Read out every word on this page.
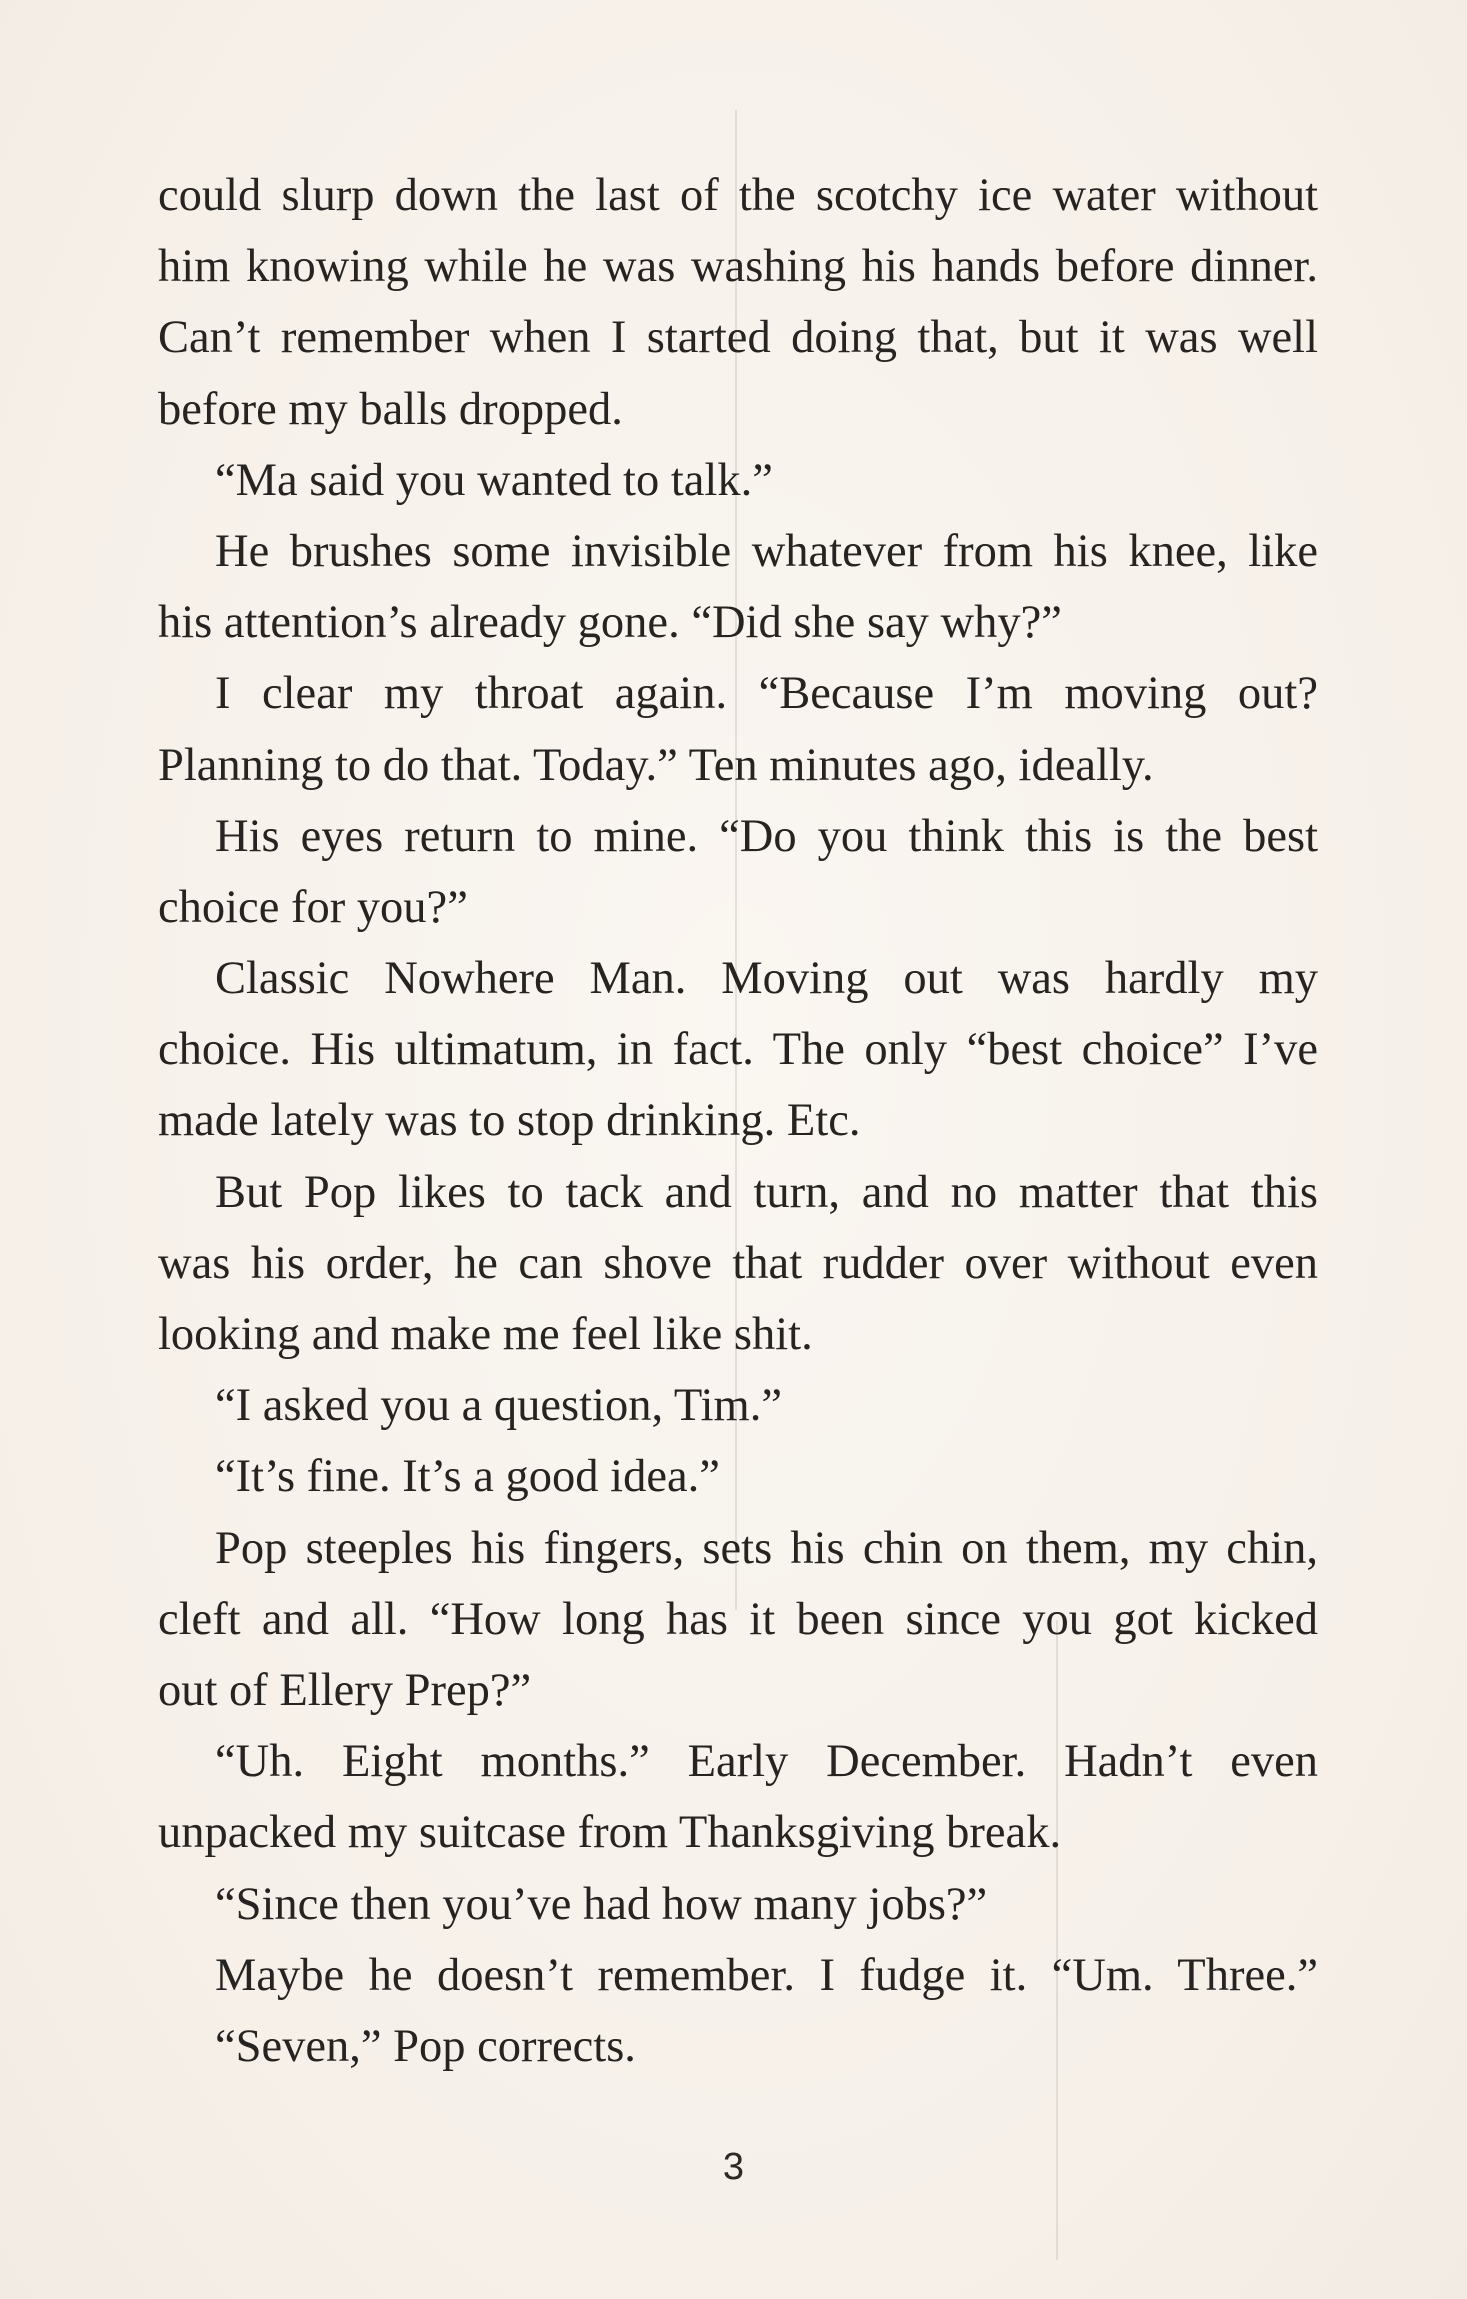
could slurp down the last of the scotchy ice water without
him knowing while he was washing his hands before dinner.
Can’t remember when I started doing that, but it was well
before my balls dropped.
“Ma said you wanted to talk.”
He brushes some invisible whatever from his knee, like
his attention’s already gone. “Did she say why?”
I clear my throat again. “Because I’m moving out?
Planning to do that. Today.” Ten minutes ago, ideally.
His eyes return to mine. “Do you think this is the best
choice for you?”
Classic Nowhere Man. Moving out was hardly my
choice. His ultimatum, in fact. The only “best choice” I’ve
made lately was to stop drinking. Etc.
But Pop likes to tack and turn, and no matter that this
was his order, he can shove that rudder over without even
looking and make me feel like shit.
“I asked you a question, Tim.”
“It’s fine. It’s a good idea.”
Pop steeples his fingers, sets his chin on them, my chin,
cleft and all. “How long has it been since you got kicked
out of Ellery Prep?”
“Uh. Eight months.” Early December. Hadn’t even
unpacked my suitcase from Thanksgiving break.
“Since then you’ve had how many jobs?”
Maybe he doesn’t remember. I fudge it. “Um. Three.”
“Seven,” Pop corrects.
3
